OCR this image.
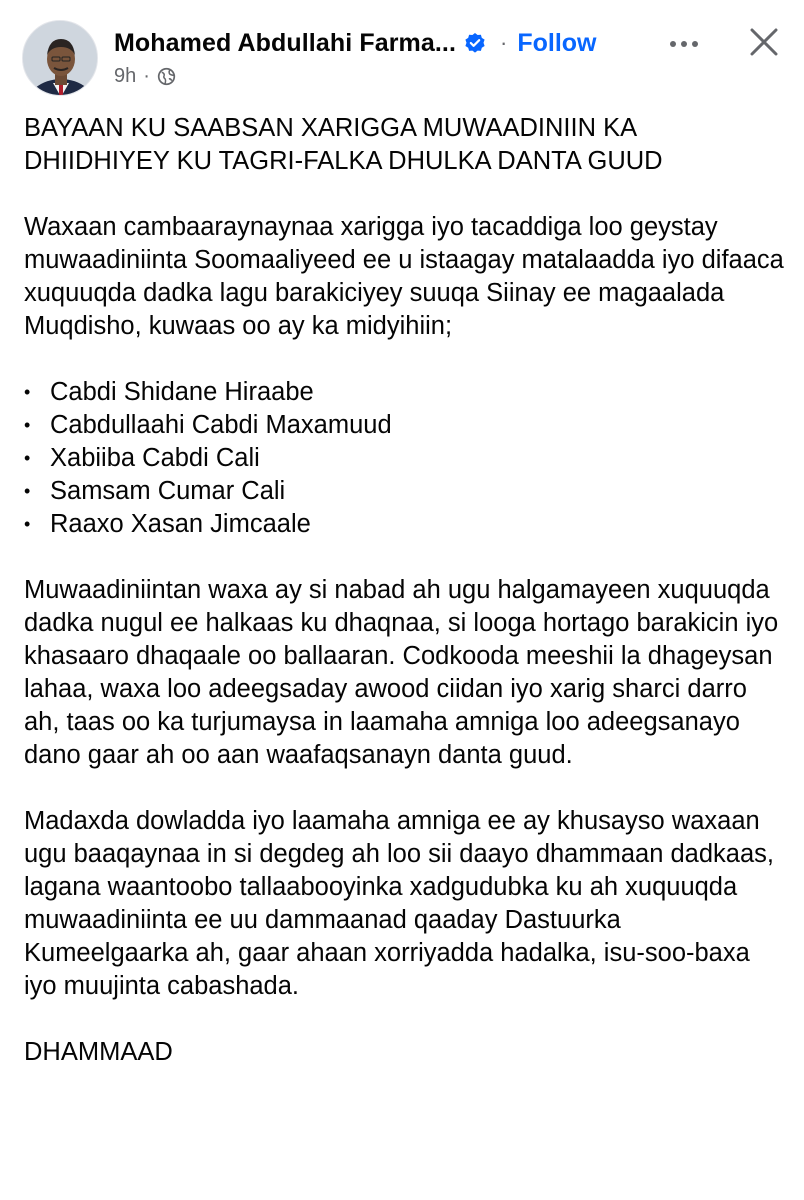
Mohamed Abdullahi Farma... · Follow
9h ·

BAYAAN KU SAABSAN XARIGGA MUWAADINIIN KA DHIIDHIYEY KU TAGRI-FALKA DHULKA DANTA GUUD

Waxaan cambaaraynaynaa xarigga iyo tacaddiga loo geystay muwaadiniinta Soomaaliyeed ee u istaagay matalaadda iyo difaaca xuquuqda dadka lagu barakiciyey suuqa Siinay ee magaalada Muqdisho, kuwaas oo ay ka midyihiin;

• Cabdi Shidane Hiraabe
• Cabdullaahi Cabdi Maxamuud
• Xabiiba Cabdi Cali
• Samsam Cumar Cali
• Raaxo Xasan Jimcaale

Muwaadiniintan waxa ay si nabad ah ugu halgamayeen xuquuqda dadka nugul ee halkaas ku dhaqnaa, si looga hortago barakicin iyo khasaaro dhaqaale oo ballaaran. Codkooda meeshii la dhageysan lahaa, waxa loo adeegsaday awood ciidan iyo xarig sharci darro ah, taas oo ka turjumaysa in laamaha amniga loo adeegsanayo dano gaar ah oo aan waafaqsanayn danta guud.

Madaxda dowladda iyo laamaha amniga ee ay khusayso waxaan ugu baaqaynaa in si degdeg ah loo sii daayo dhammaan dadkaas, lagana waantoobo tallaabooyinka xadgudubka ku ah xuquuqda muwaadiniinta ee uu dammaanad qaaday Dastuurka Kumeelgaarka ah, gaar ahaan xorriyadda hadalka, isu-soo-baxa iyo muujinta cabashada.

DHAMMAAD
